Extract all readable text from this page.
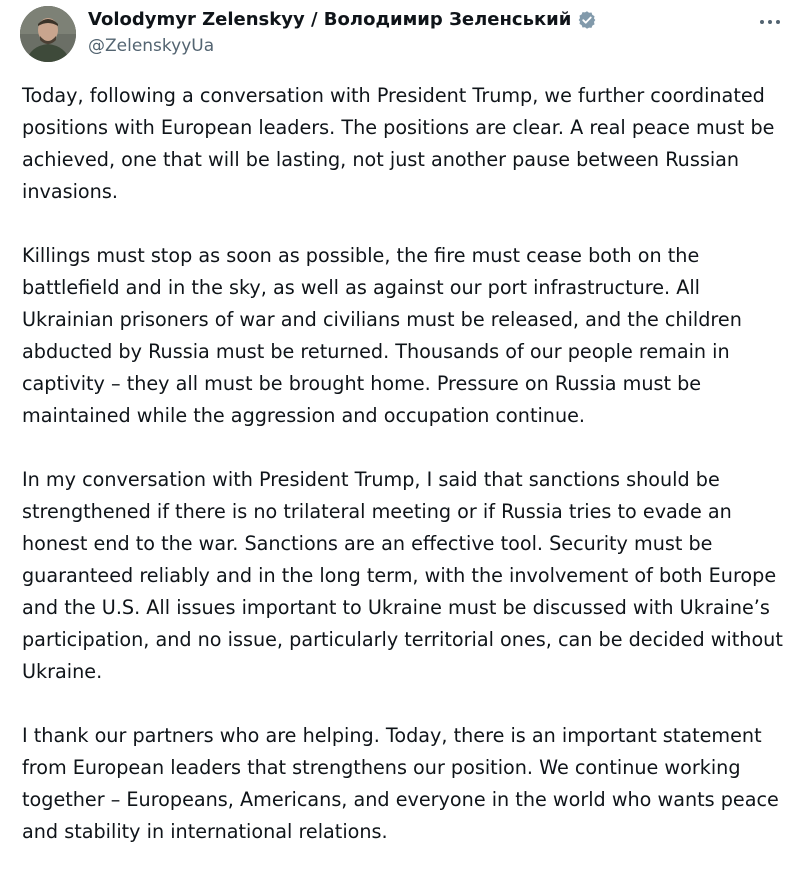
Volodymyr Zelenskyy / Володимир Зеленський
@ZelenskyyUa

Today, following a conversation with President Trump, we further coordinated positions with European leaders. The positions are clear. A real peace must be achieved, one that will be lasting, not just another pause between Russian invasions.

Killings must stop as soon as possible, the fire must cease both on the battlefield and in the sky, as well as against our port infrastructure. All Ukrainian prisoners of war and civilians must be released, and the children abducted by Russia must be returned. Thousands of our people remain in captivity – they all must be brought home. Pressure on Russia must be maintained while the aggression and occupation continue.

In my conversation with President Trump, I said that sanctions should be strengthened if there is no trilateral meeting or if Russia tries to evade an honest end to the war. Sanctions are an effective tool. Security must be guaranteed reliably and in the long term, with the involvement of both Europe and the U.S. All issues important to Ukraine must be discussed with Ukraine’s participation, and no issue, particularly territorial ones, can be decided without Ukraine.

I thank our partners who are helping. Today, there is an important statement from European leaders that strengthens our position. We continue working together – Europeans, Americans, and everyone in the world who wants peace and stability in international relations.
